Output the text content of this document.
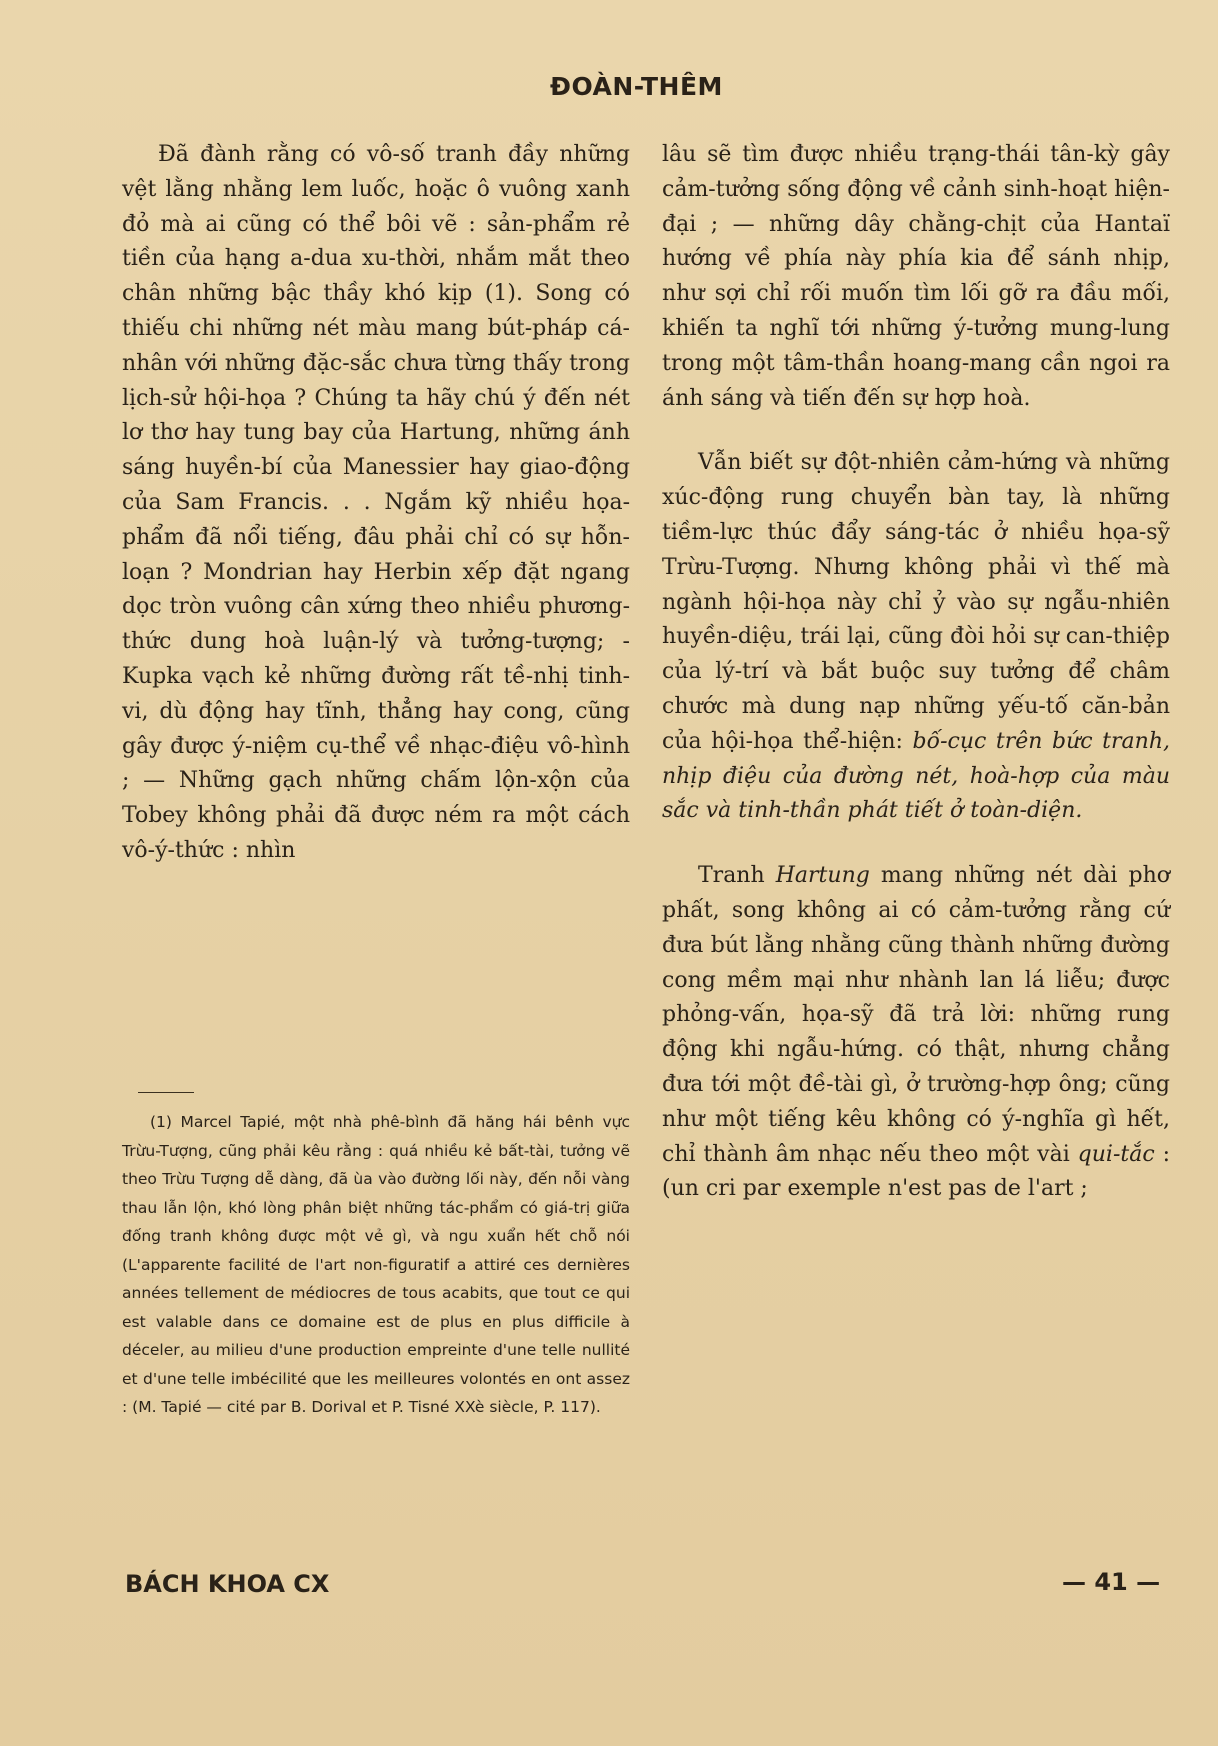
ĐOÀN-THÊM

Đã đành rằng có vô-số tranh đầy những vệt lằng nhằng lem luốc, hoặc ô vuông xanh đỏ mà ai cũng có thể bôi vẽ : sản-phẩm rẻ tiền của hạng a-dua xu-thời, nhắm mắt theo chân những bậc thầy khó kịp (1). Song có thiếu chi những nét màu mang bút-pháp cá-nhân với những đặc-sắc chưa từng thấy trong lịch-sử hội-họa ? Chúng ta hãy chú ý đến nét lơ thơ hay tung bay của Hartung, những ánh sáng huyền-bí của Manessier hay giao-động của Sam Francis. . . Ngắm kỹ nhiều họa-phẩm đã nổi tiếng, đâu phải chỉ có sự hỗn-loạn ? Mondrian hay Herbin xếp đặt ngang dọc tròn vuông cân xứng theo nhiều phương-thức dung hoà luận-lý và tưởng-tượng; - Kupka vạch kẻ những đường rất tề-nhị tinh-vi, dù động hay tĩnh, thẳng hay cong, cũng gây được ý-niệm cụ-thể về nhạc-điệu vô-hình ; — Những gạch những chấm lộn-xộn của Tobey không phải đã được ném ra một cách vô-ý-thức : nhìn

(1) Marcel Tapié, một nhà phê-bình đã hăng hái bênh vực Trừu-Tượng, cũng phải kêu rằng : quá nhiều kẻ bất-tài, tưởng vẽ theo Trừu Tượng dễ dàng, đã ùa vào đường lối này, đến nỗi vàng thau lẫn lộn, khó lòng phân biệt những tác-phẩm có giá-trị giữa đống tranh không được một vẻ gì, và ngu xuẩn hết chỗ nói (L'apparente facilité de l'art non-figuratif a attiré ces dernières années tellement de médiocres de tous acabits, que tout ce qui est valable dans ce domaine est de plus en plus difficile à déceler, au milieu d'une production empreinte d'une telle nullité et d'une telle imbécilité que les meilleures volontés en ont assez : (M. Tapié — cité par B. Dorival et P. Tisné XXè siècle, P. 117).

lâu sẽ tìm được nhiều trạng-thái tân-kỳ gây cảm-tưởng sống động về cảnh sinh-hoạt hiện-đại ; — những dây chằng-chịt của Hantaï hướng về phía này phía kia để sánh nhịp, như sợi chỉ rối muốn tìm lối gỡ ra đầu mối, khiến ta nghĩ tới những ý-tưởng mung-lung trong một tâm-thần hoang-mang cần ngoi ra ánh sáng và tiến đến sự hợp hoà.

Vẫn biết sự đột-nhiên cảm-hứng và những xúc-động rung chuyển bàn tay, là những tiềm-lực thúc đẩy sáng-tác ở nhiều họa-sỹ Trừu-Tượng. Nhưng không phải vì thế mà ngành hội-họa này chỉ ỷ vào sự ngẫu-nhiên huyền-diệu, trái lại, cũng đòi hỏi sự can-thiệp của lý-trí và bắt buộc suy tưởng để châm chước mà dung nạp những yếu-tố căn-bản của hội-họa thể-hiện: bố-cục trên bức tranh, nhịp điệu của đường nét, hoà-hợp của màu sắc và tinh-thần phát tiết ở toàn-diện.

Tranh Hartung mang những nét dài phơ phất, song không ai có cảm-tưởng rằng cứ đưa bút lằng nhằng cũng thành những đường cong mềm mại như nhành lan lá liễu; được phỏng-vấn, họa-sỹ đã trả lời: những rung động khi ngẫu-hứng. có thật, nhưng chẳng đưa tới một đề-tài gì, ở trường-hợp ông; cũng như một tiếng kêu không có ý-nghĩa gì hết, chỉ thành âm nhạc nếu theo một vài qui-tắc : (un cri par exemple n'est pas de l'art ;

BÁCH KHOA CX	— 41 —
